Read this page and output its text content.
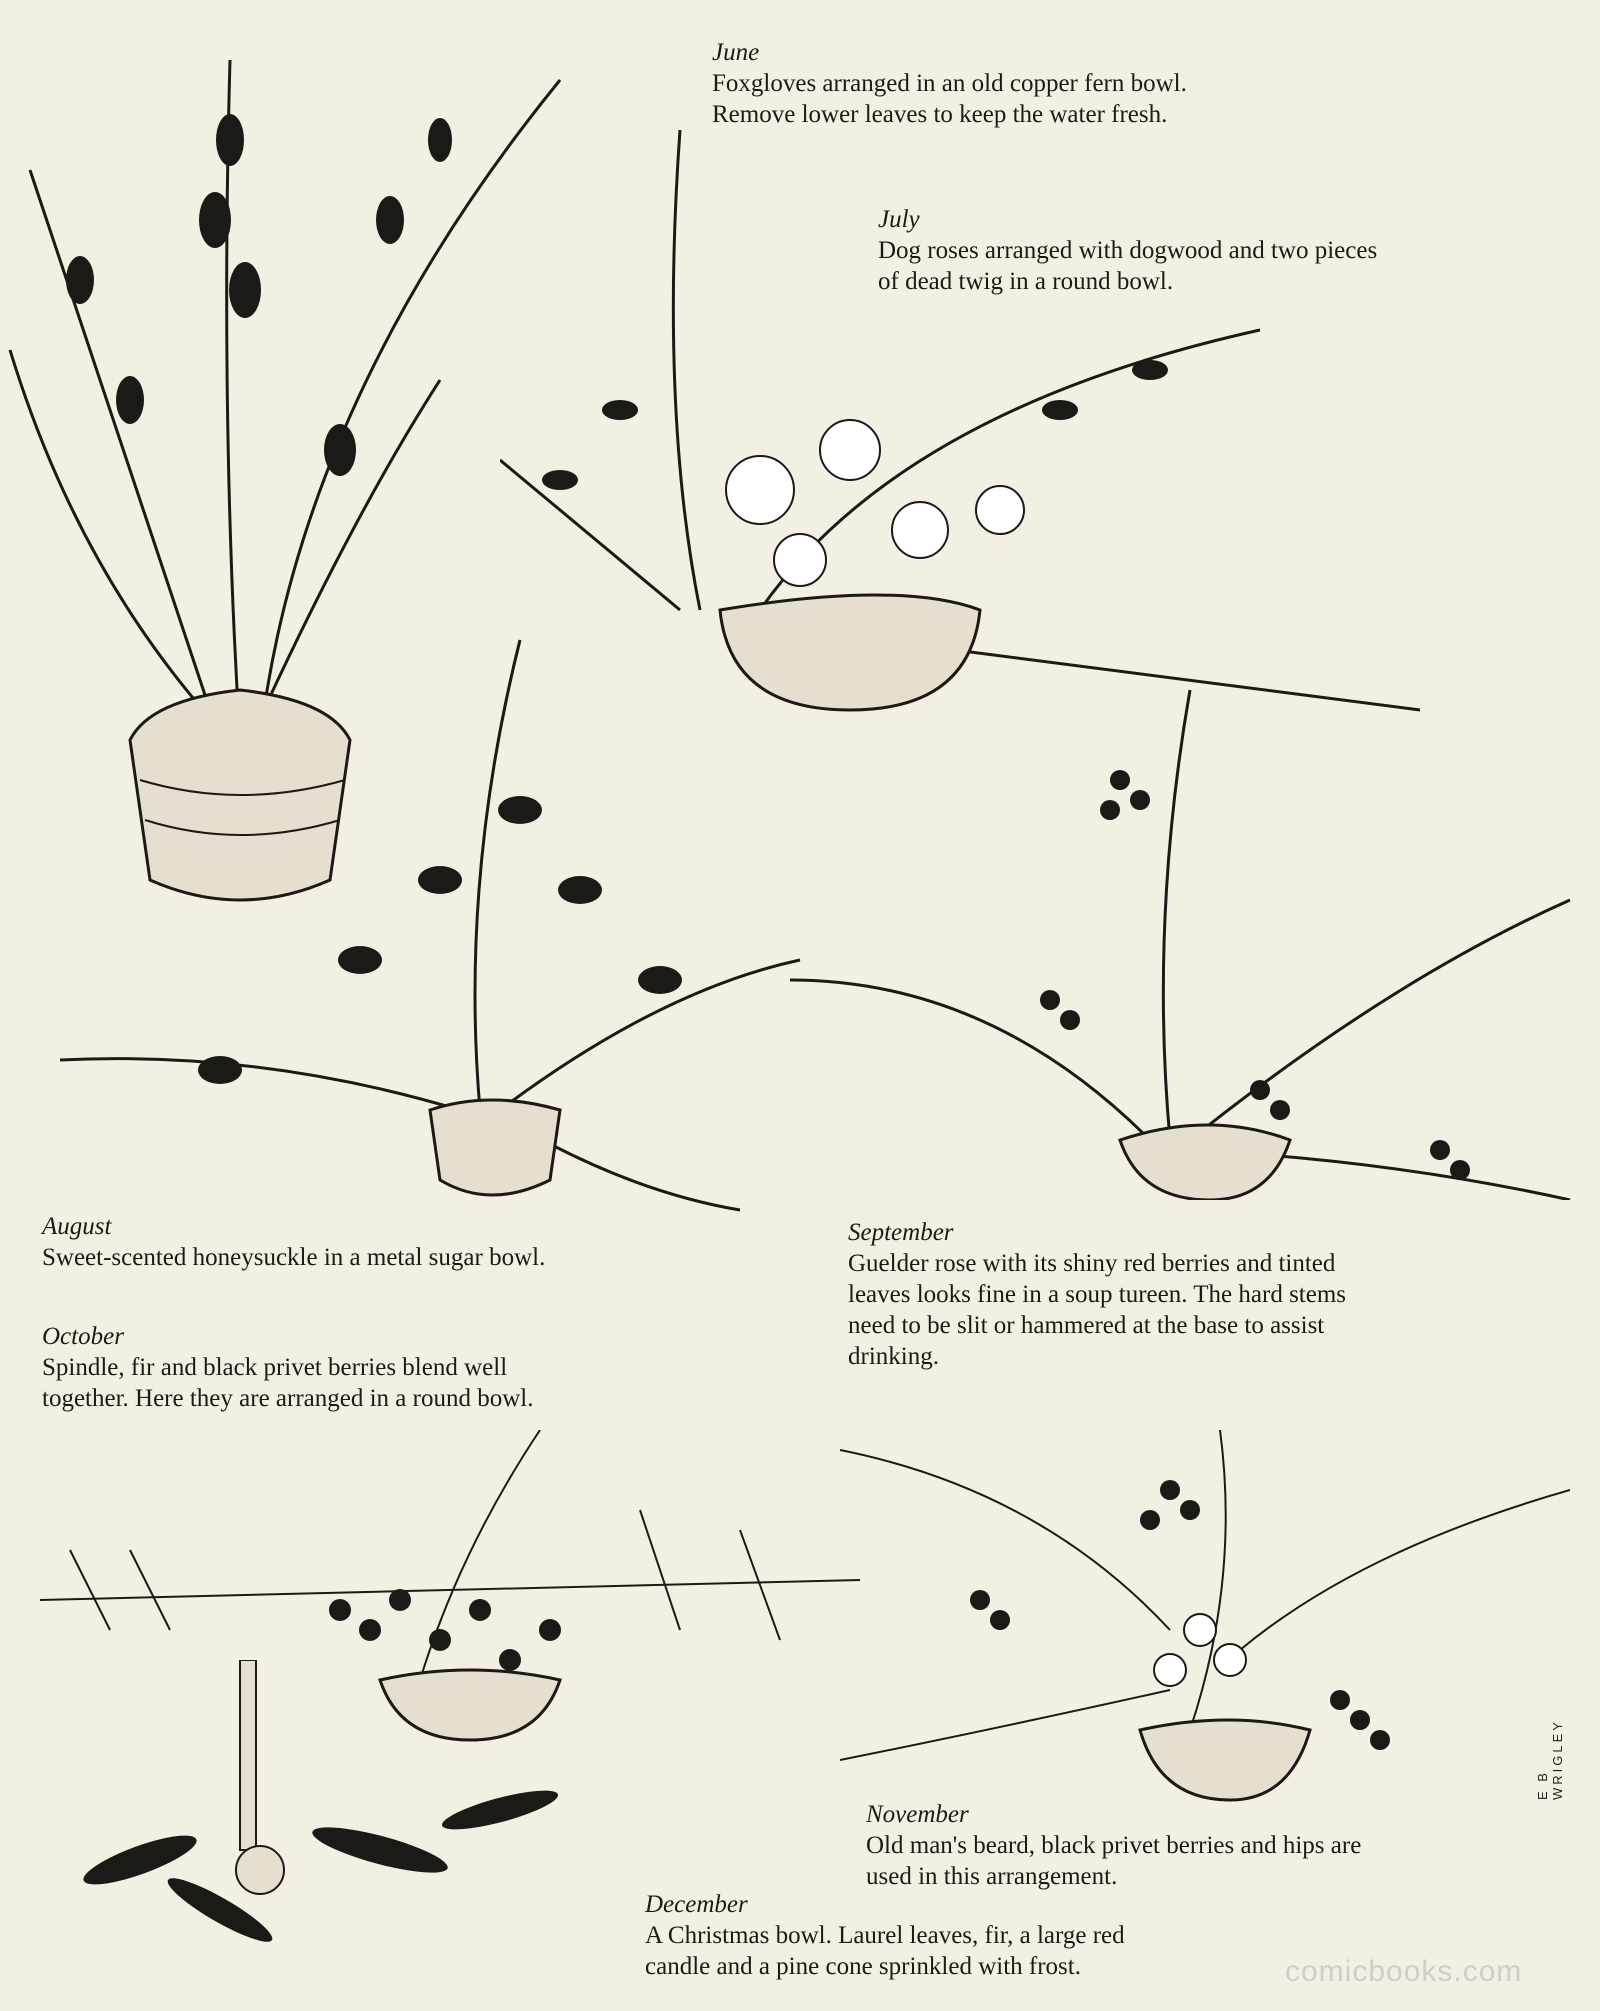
June
Foxgloves arranged in an old copper fern bowl.
Remove lower leaves to keep the water fresh.
July
Dog roses arranged with dogwood and two pieces
of dead twig in a round bowl.
August
Sweet-scented honeysuckle in a metal sugar bowl.
September
Guelder rose with its shiny red berries and tinted
leaves looks fine in a soup tureen. The hard stems
need to be slit or hammered at the base to assist
drinking.
October
Spindle, fir and black privet berries blend well
together. Here they are arranged in a round bowl.
November
Old man's beard, black privet berries and hips are
used in this arrangement.
December
A Christmas bowl. Laurel leaves, fir, a large red
candle and a pine cone sprinkled with frost.
E B WRIGLEY
comicbooks.com
